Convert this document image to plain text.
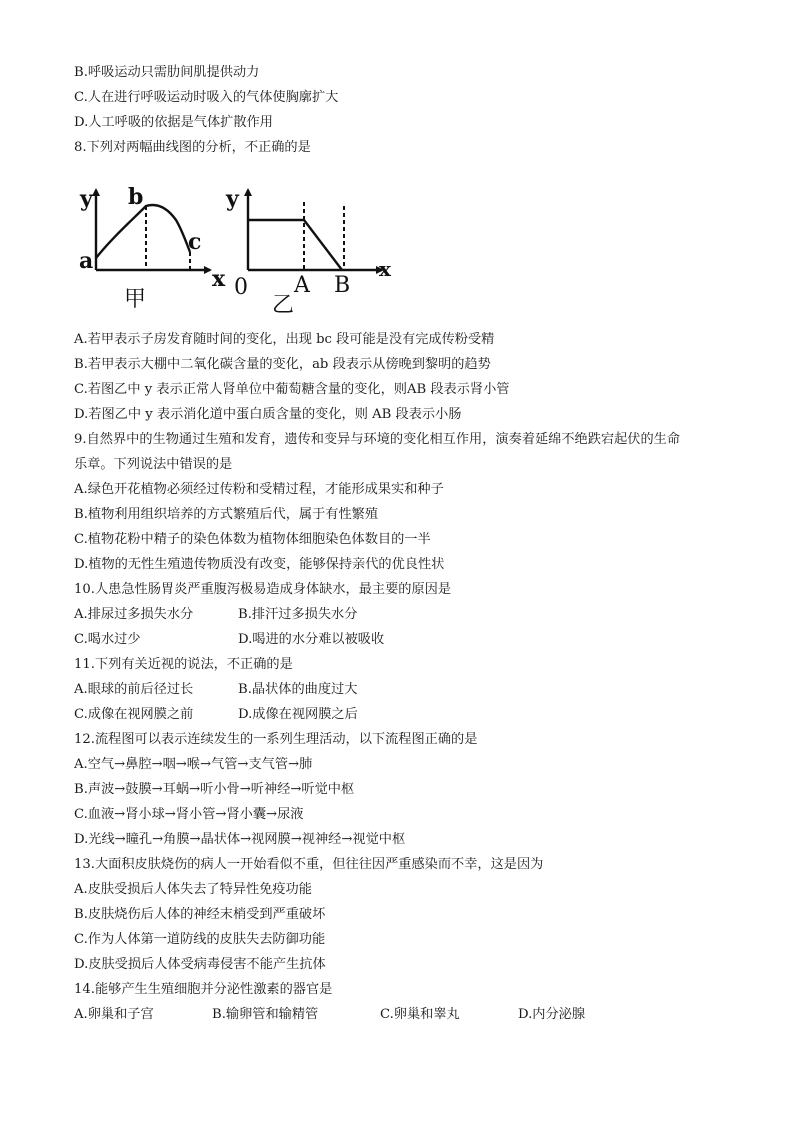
B.呼吸运动只需肋间肌提供动力
C.人在进行呼吸运动时吸入的气体使胸廓扩大
D.人工呼吸的依据是气体扩散作用
8.下列对两幅曲线图的分析，不正确的是
y
x
a
b
c
甲
y
x
0 A B
乙
A.若甲表示子房发育随时间的变化，出现 bc 段可能是没有完成传粉受精
B.若甲表示大棚中二氧化碳含量的变化，ab 段表示从傍晚到黎明的趋势
C.若图乙中 y 表示正常人肾单位中葡萄糖含量的变化，则AB 段表示肾小管
D.若图乙中 y 表示消化道中蛋白质含量的变化，则 AB 段表示小肠
9.自然界中的生物通过生殖和发育，遗传和变异与环境的变化相互作用，演奏着延绵不绝跌宕起伏的生命
乐章。下列说法中错误的是
A.绿色开花植物必须经过传粉和受精过程，才能形成果实和种子
B.植物利用组织培养的方式繁殖后代，属于有性繁殖
C.植物花粉中精子的染色体数为植物体细胞染色体数目的一半
D.植物的无性生殖遗传物质没有改变，能够保持亲代的优良性状
10.人患急性肠胃炎严重腹泻极易造成身体缺水，最主要的原因是
A.排尿过多损失水分	B.排汗过多损失水分
C.喝水过少	D.喝进的水分难以被吸收
11.下列有关近视的说法，不正确的是
A.眼球的前后径过长	B.晶状体的曲度过大
C.成像在视网膜之前	D.成像在视网膜之后
12.流程图可以表示连续发生的一系列生理活动，以下流程图正确的是
A.空气→鼻腔→咽→喉→气管→支气管→肺
B.声波→鼓膜→耳蜗→听小骨→听神经→听觉中枢
C.血液→肾小球→肾小管→肾小囊→尿液
D.光线→瞳孔→角膜→晶状体→视网膜→视神经→视觉中枢
13.大面积皮肤烧伤的病人一开始看似不重，但往往因严重感染而不幸，这是因为
A.皮肤受损后人体失去了特异性免疫功能
B.皮肤烧伤后人体的神经末梢受到严重破坏
C.作为人体第一道防线的皮肤失去防御功能
D.皮肤受损后人体受病毒侵害不能产生抗体
14.能够产生生殖细胞并分泌性激素的器官是
A.卵巢和子宫	B.输卵管和输精管	C.卵巢和睾丸	D.内分泌腺
